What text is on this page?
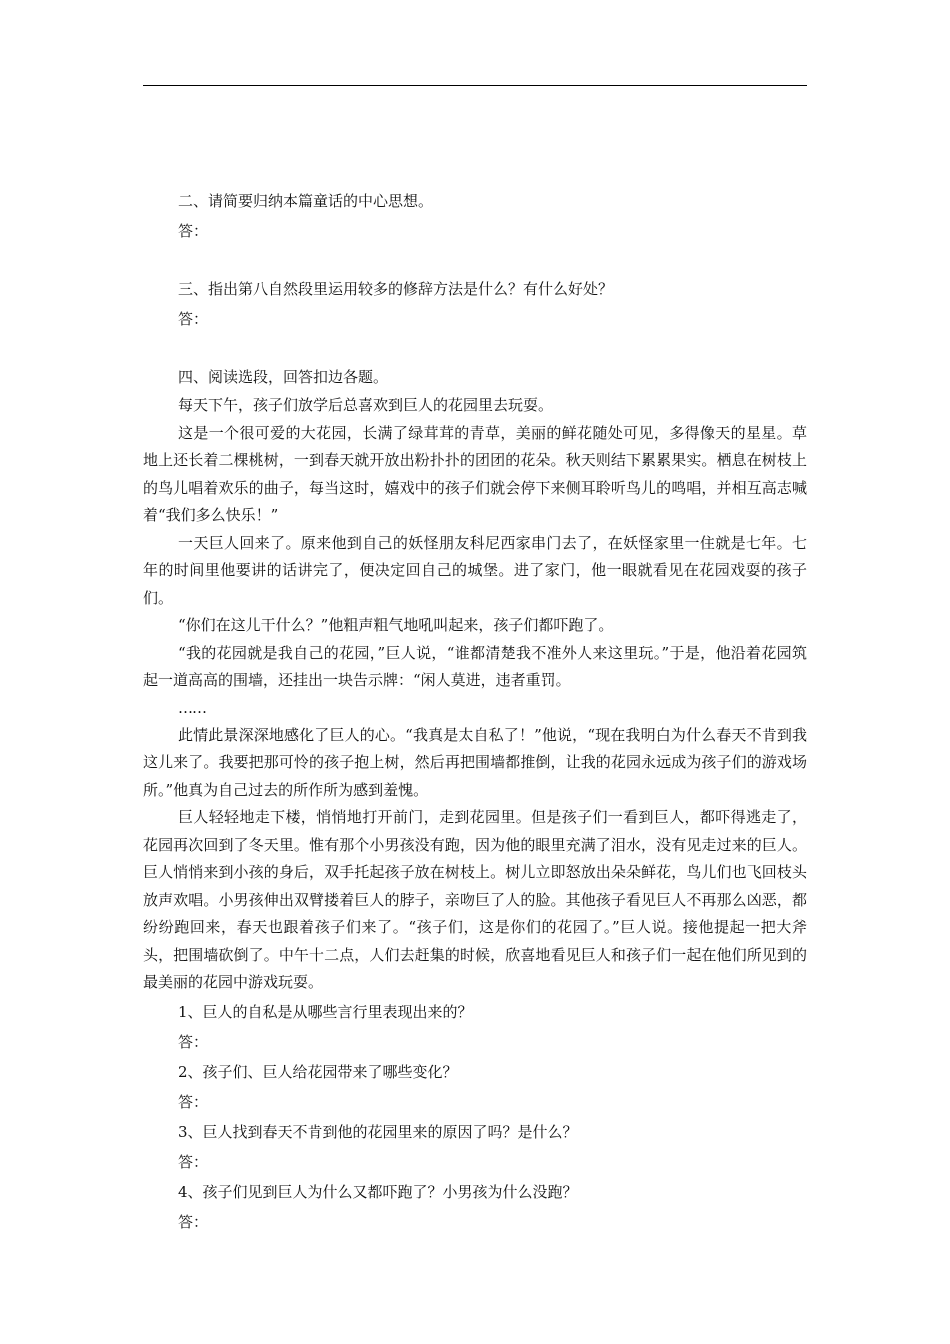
二、请简要归纳本篇童话的中心思想。

答：

三、指出第八自然段里运用较多的修辞方法是什么？有什么好处？

答：

四、阅读选段，回答扣边各题。

每天下午，孩子们放学后总喜欢到巨人的花园里去玩耍。

这是一个很可爱的大花园，长满了绿茸茸的青草，美丽的鲜花随处可见，多得像天的星星。草地上还长着二棵桃树，一到春天就开放出粉扑扑的团团的花朵。秋天则结下累累果实。栖息在树枝上的鸟儿唱着欢乐的曲子，每当这时，嬉戏中的孩子们就会停下来侧耳聆听鸟儿的鸣唱，并相互高志喊着“我们多么快乐！”

一天巨人回来了。原来他到自己的妖怪朋友科尼西家串门去了，在妖怪家里一住就是七年。七年的时间里他要讲的话讲完了，便决定回自己的城堡。进了家门，他一眼就看见在花园戏耍的孩子们。

“你们在这儿干什么？”他粗声粗气地吼叫起来，孩子们都吓跑了。

“我的花园就是我自己的花园，”巨人说，“谁都清楚我不准外人来这里玩。”于是，他沿着花园筑起一道高高的围墙，还挂出一块告示牌：“闲人莫进，违者重罚。

……

此情此景深深地感化了巨人的心。“我真是太自私了！”他说，“现在我明白为什么春天不肯到我这儿来了。我要把那可怜的孩子抱上树，然后再把围墙都推倒，让我的花园永远成为孩子们的游戏场所。”他真为自己过去的所作所为感到羞愧。

巨人轻轻地走下楼，悄悄地打开前门，走到花园里。但是孩子们一看到巨人，都吓得逃走了，花园再次回到了冬天里。惟有那个小男孩没有跑，因为他的眼里充满了泪水，没有见走过来的巨人。巨人悄悄来到小孩的身后，双手托起孩子放在树枝上。树儿立即怒放出朵朵鲜花，鸟儿们也飞回枝头放声欢唱。小男孩伸出双臂搂着巨人的脖子，亲吻巨了人的脸。其他孩子看见巨人不再那么凶恶，都纷纷跑回来，春天也跟着孩子们来了。“孩子们，这是你们的花园了。”巨人说。接他提起一把大斧头，把围墙砍倒了。中午十二点，人们去赶集的时候，欣喜地看见巨人和孩子们一起在他们所见到的最美丽的花园中游戏玩耍。

1、巨人的自私是从哪些言行里表现出来的？

答：

2、孩子们、巨人给花园带来了哪些变化？

答：

3、巨人找到春天不肯到他的花园里来的原因了吗？是什么？

答：

4、孩子们见到巨人为什么又都吓跑了？小男孩为什么没跑？

答：
